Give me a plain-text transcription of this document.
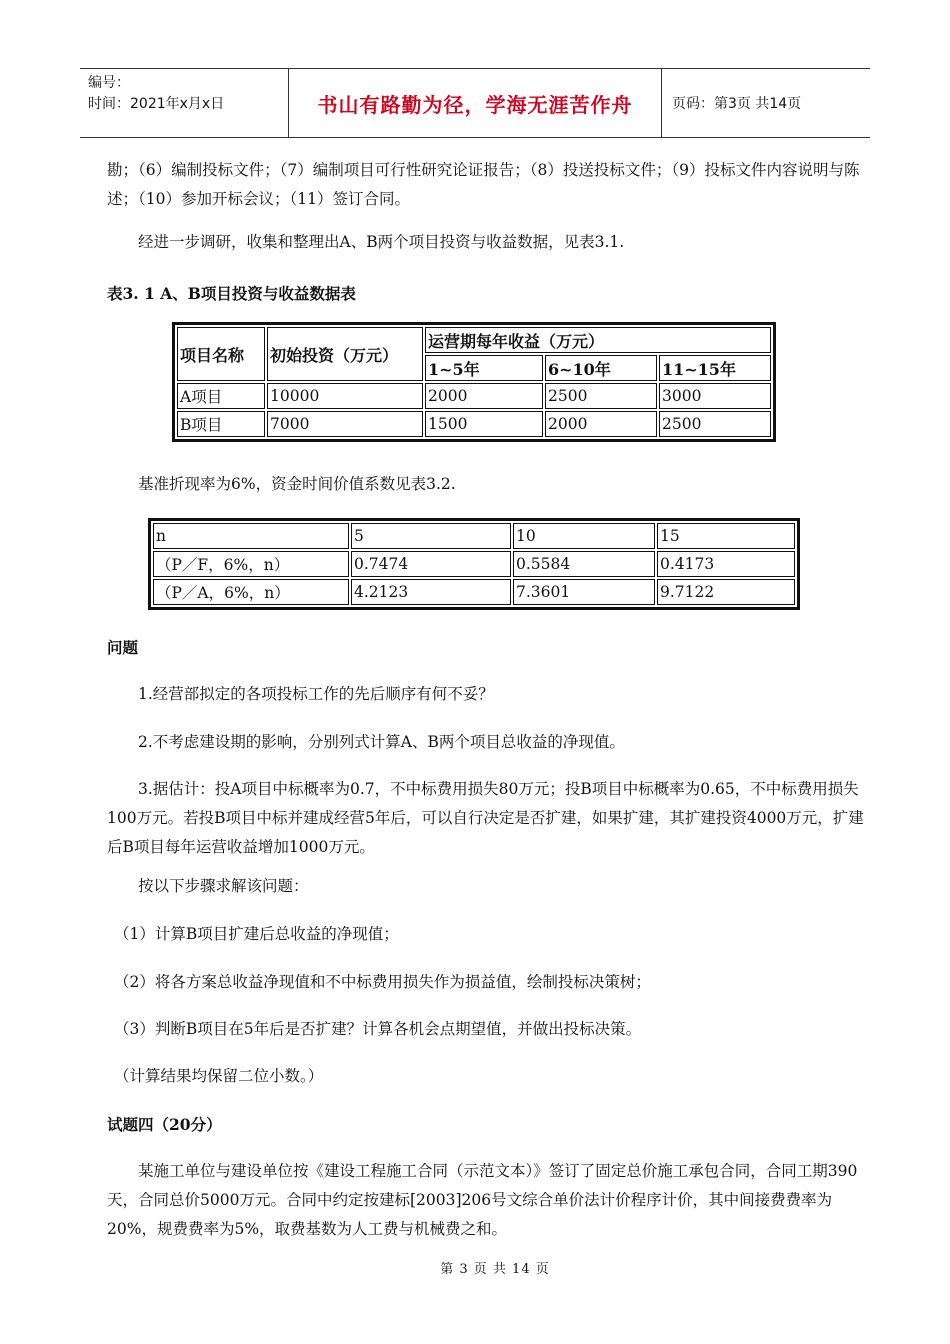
编号：
时间：2021年x月x日	书山有路勤为径，学海无涯苦作舟	页码：第3页 共14页
勘；（6）编制投标文件；（7）编制项目可行性研究论证报告；（8）投送投标文件；（9）投标文件内容说明与陈述；（10）参加开标会议；（11）签订合同。
经进一步调研，收集和整理出A、B两个项目投资与收益数据，见表3.1.
表3. 1 A、B项目投资与收益数据表
项目名称	初始投资（万元）	运营期每年收益（万元）		
		1~5年	6~10年	11~15年
A项目	10000	2000	2500	3000
B项目	7000	1500	2000	2500
基准折现率为6%，资金时间价值系数见表3.2.
n	5	10	15
（P／F，6%，n）	0.7474	0.5584	0.4173
（P／A，6%，n）	4.2123	7.3601	9.7122
问题
1.经营部拟定的各项投标工作的先后顺序有何不妥？
2.不考虑建设期的影响，分别列式计算A、B两个项目总收益的净现值。
3.据估计：投A项目中标概率为0.7，不中标费用损失80万元；投B项目中标概率为0.65，不中标费用损失100万元。若投B项目中标并建成经营5年后，可以自行决定是否扩建，如果扩建，其扩建投资4000万元，扩建后B项目每年运营收益增加1000万元。
按以下步骤求解该问题：
（1）计算B项目扩建后总收益的净现值；
（2）将各方案总收益净现值和不中标费用损失作为损益值，绘制投标决策树；
（3）判断B项目在5年后是否扩建？计算各机会点期望值，并做出投标决策。
（计算结果均保留二位小数。）
试题四（20分）
某施工单位与建设单位按《建设工程施工合同（示范文本）》签订了固定总价施工承包合同，合同工期390天，合同总价5000万元。合同中约定按建标[2003]206号文综合单价法计价程序计价，其中间接费费率为20%，规费费率为5%，取费基数为人工费与机械费之和。
第 3 页 共 14 页
